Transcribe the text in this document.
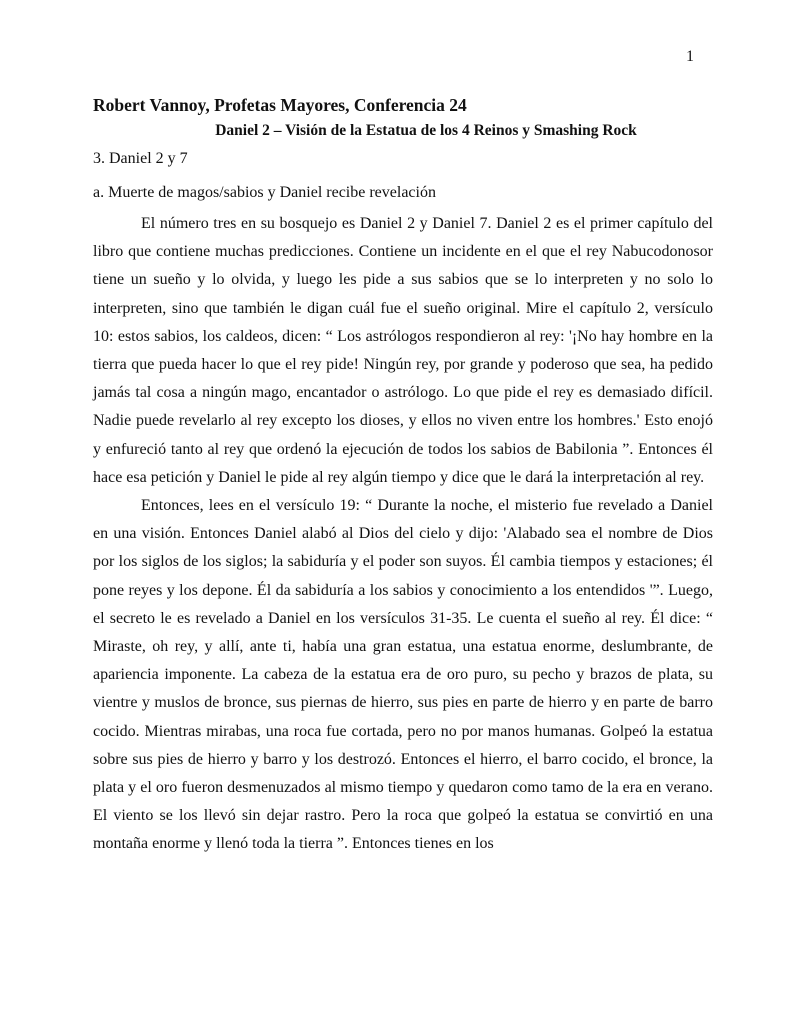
1

Robert Vannoy, Profetas Mayores, Conferencia 24

Daniel 2 – Visión de la Estatua de los 4 Reinos y Smashing Rock

3. Daniel 2 y 7

a. Muerte de magos/sabios y Daniel recibe revelación

El número tres en su bosquejo es Daniel 2 y Daniel 7. Daniel 2 es el primer capítulo del libro que contiene muchas predicciones. Contiene un incidente en el que el rey Nabucodonosor tiene un sueño y lo olvida, y luego les pide a sus sabios que se lo interpreten y no solo lo interpreten, sino que también le digan cuál fue el sueño original. Mire el capítulo 2, versículo 10: estos sabios, los caldeos, dicen: “ Los astrólogos respondieron al rey: '¡No hay hombre en la tierra que pueda hacer lo que el rey pide! Ningún rey, por grande y poderoso que sea, ha pedido jamás tal cosa a ningún mago, encantador o astrólogo. Lo que pide el rey es demasiado difícil. Nadie puede revelarlo al rey excepto los dioses, y ellos no viven entre los hombres.' Esto enojó y enfureció tanto al rey que ordenó la ejecución de todos los sabios de Babilonia ”. Entonces él hace esa petición y Daniel le pide al rey algún tiempo y dice que le dará la interpretación al rey.

Entonces, lees en el versículo 19: “ Durante la noche, el misterio fue revelado a Daniel en una visión. Entonces Daniel alabó al Dios del cielo y dijo: 'Alabado sea el nombre de Dios por los siglos de los siglos; la sabiduría y el poder son suyos. Él cambia tiempos y estaciones; él pone reyes y los depone. Él da sabiduría a los sabios y conocimiento a los entendidos '”. Luego, el secreto le es revelado a Daniel en los versículos 31-35. Le cuenta el sueño al rey. Él dice: “ Miraste, oh rey, y allí, ante ti, había una gran estatua, una estatua enorme, deslumbrante, de apariencia imponente. La cabeza de la estatua era de oro puro, su pecho y brazos de plata, su vientre y muslos de bronce, sus piernas de hierro, sus pies en parte de hierro y en parte de barro cocido. Mientras mirabas, una roca fue cortada, pero no por manos humanas. Golpeó la estatua sobre sus pies de hierro y barro y los destrozó. Entonces el hierro, el barro cocido, el bronce, la plata y el oro fueron desmenuzados al mismo tiempo y quedaron como tamo de la era en verano. El viento se los llevó sin dejar rastro. Pero la roca que golpeó la estatua se convirtió en una montaña enorme y llenó toda la tierra ”. Entonces tienes en los
